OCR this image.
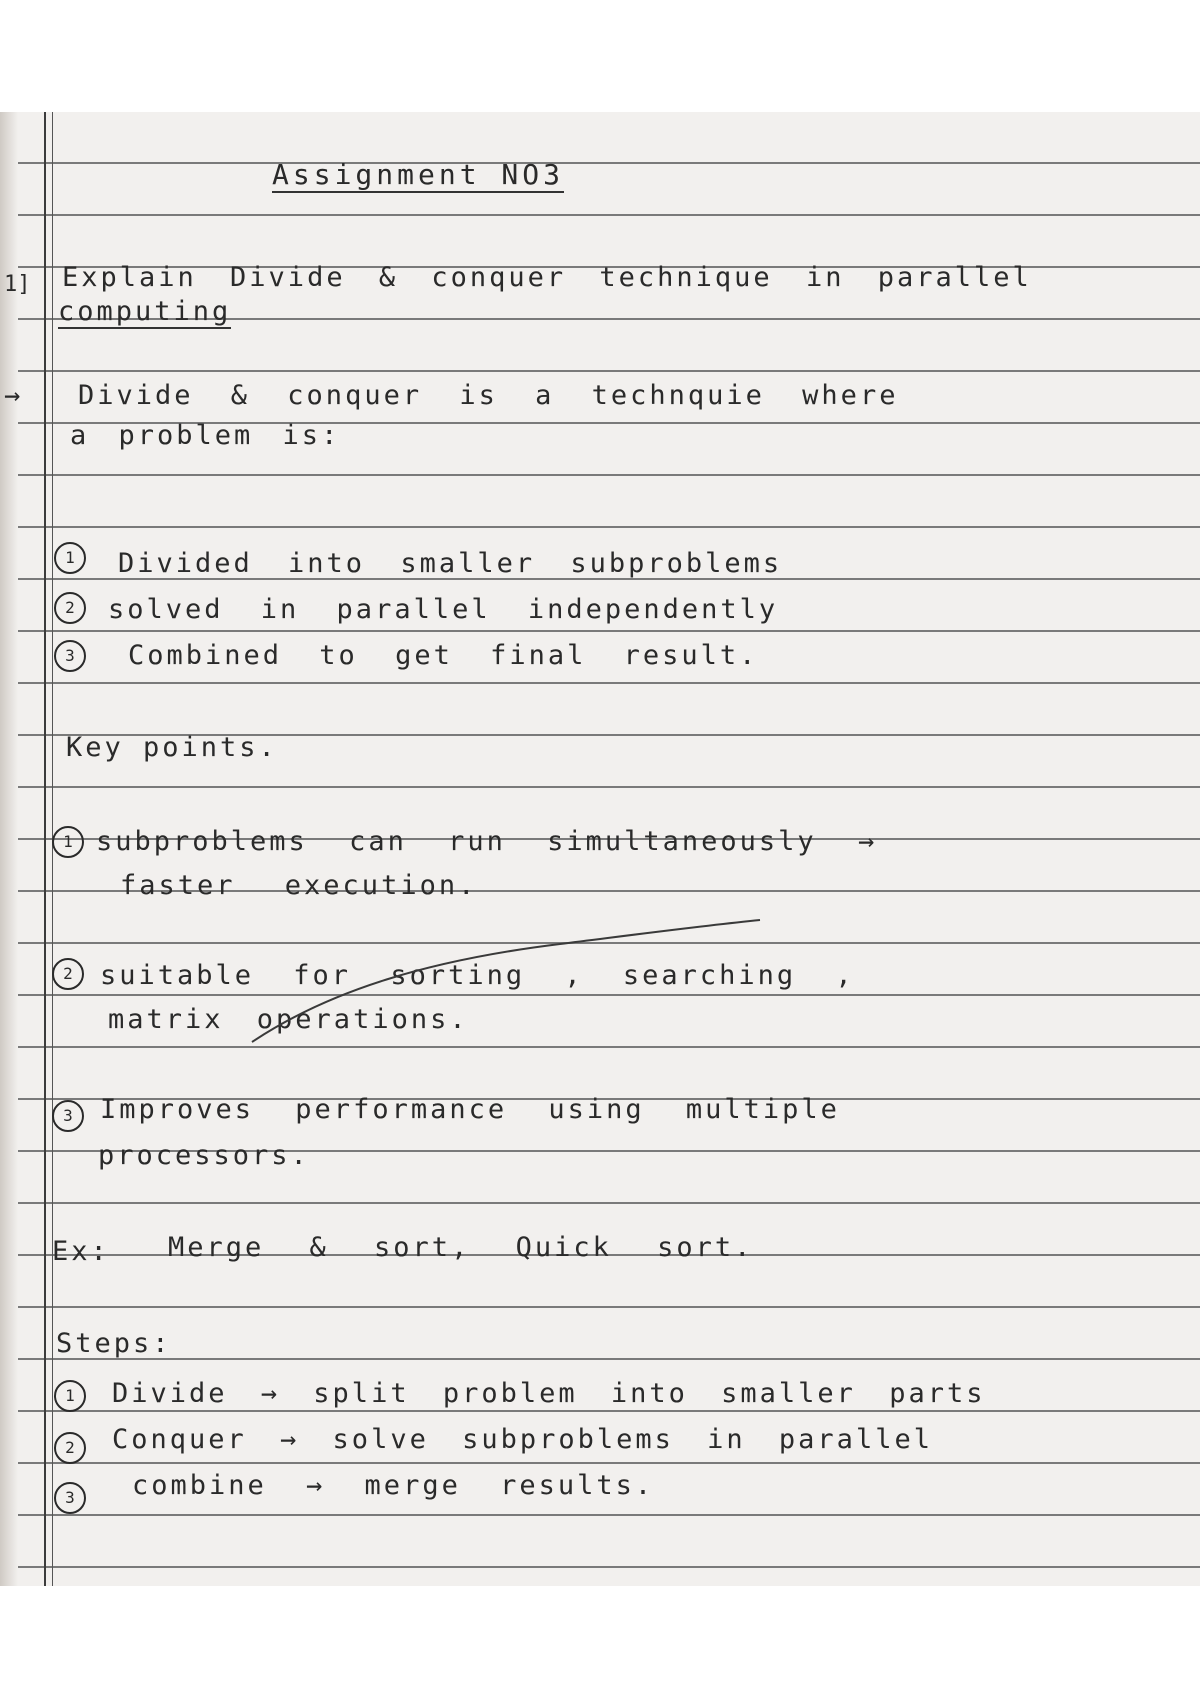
Assignment NO3
1] Explain Divide & conquer technique in parallel
computing
→ Divide & conquer is a technquie where
a problem is:
1	Divided into smaller subproblems
2	solved in parallel independently
3	Combined to get final result.
Key points.
1 subproblems can run simultaneously →
faster execution.
2	suitable for sorting , searching ,
matrix operations.
3	Improves performance using multiple
processors.
Ex: Merge & sort, Quick sort.
Steps:
1	Divide → split problem into smaller parts
2	Conquer → solve subproblems in parallel
3	combine → merge results.
